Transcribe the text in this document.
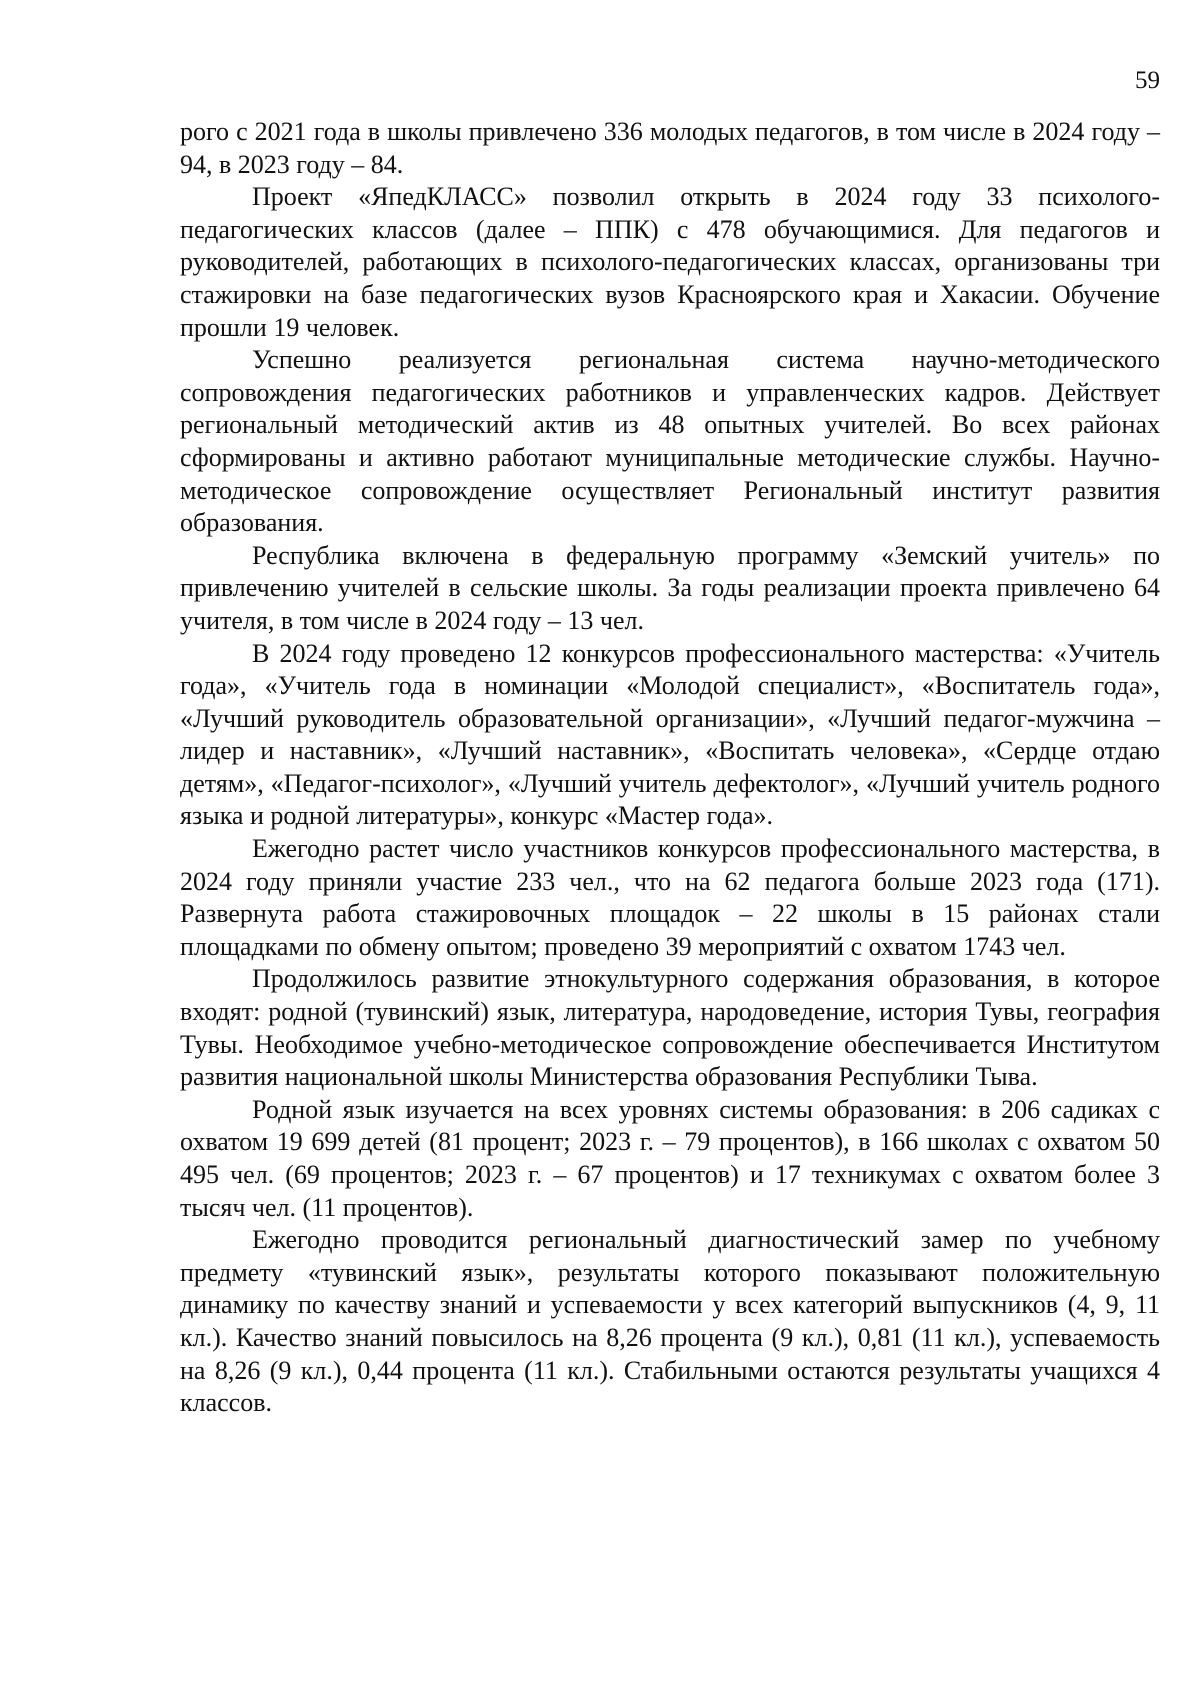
59

рого с 2021 года в школы привлечено 336 молодых педагогов, в том числе в 2024 году – 94, в 2023 году – 84.

Проект «ЯпедКЛАСС» позволил открыть в 2024 году 33 психолого-педагогических классов (далее – ППК) с 478 обучающимися. Для педагогов и руководителей, работающих в психолого-педагогических классах, организованы три стажировки на базе педагогических вузов Красноярского края и Хакасии. Обучение прошли 19 человек.

Успешно реализуется региональная система научно-методического сопровождения педагогических работников и управленческих кадров. Действует региональный методический актив из 48 опытных учителей. Во всех районах сформированы и активно работают муниципальные методические службы. Научно-методическое сопровождение осуществляет Региональный институт развития образования.

Республика включена в федеральную программу «Земский учитель» по привлечению учителей в сельские школы. За годы реализации проекта привлечено 64 учителя, в том числе в 2024 году – 13 чел.

В 2024 году проведено 12 конкурсов профессионального мастерства: «Учитель года», «Учитель года в номинации «Молодой специалист», «Воспитатель года», «Лучший руководитель образовательной организации», «Лучший педагог-мужчина – лидер и наставник», «Лучший наставник», «Воспитать человека», «Сердце отдаю детям», «Педагог-психолог», «Лучший учитель дефектолог», «Лучший учитель родного языка и родной литературы», конкурс «Мастер года».

Ежегодно растет число участников конкурсов профессионального мастерства, в 2024 году приняли участие 233 чел., что на 62 педагога больше 2023 года (171). Развернута работа стажировочных площадок – 22 школы в 15 районах стали площадками по обмену опытом; проведено 39 мероприятий с охватом 1743 чел.

Продолжилось развитие этнокультурного содержания образования, в которое входят: родной (тувинский) язык, литература, народоведение, история Тувы, география Тувы. Необходимое учебно-методическое сопровождение обеспечивается Институтом развития национальной школы Министерства образования Республики Тыва.

Родной язык изучается на всех уровнях системы образования: в 206 садиках с охватом 19 699 детей (81 процент; 2023 г. – 79 процентов), в 166 школах с охватом 50 495 чел. (69 процентов; 2023 г. – 67 процентов) и 17 техникумах с охватом более 3 тысяч чел. (11 процентов).

Ежегодно проводится региональный диагностический замер по учебному предмету «тувинский язык», результаты которого показывают положительную динамику по качеству знаний и успеваемости у всех категорий выпускников (4, 9, 11 кл.). Качество знаний повысилось на 8,26 процента (9 кл.), 0,81 (11 кл.), успеваемость на 8,26 (9 кл.), 0,44 процента (11 кл.). Стабильными остаются результаты учащихся 4 классов.
